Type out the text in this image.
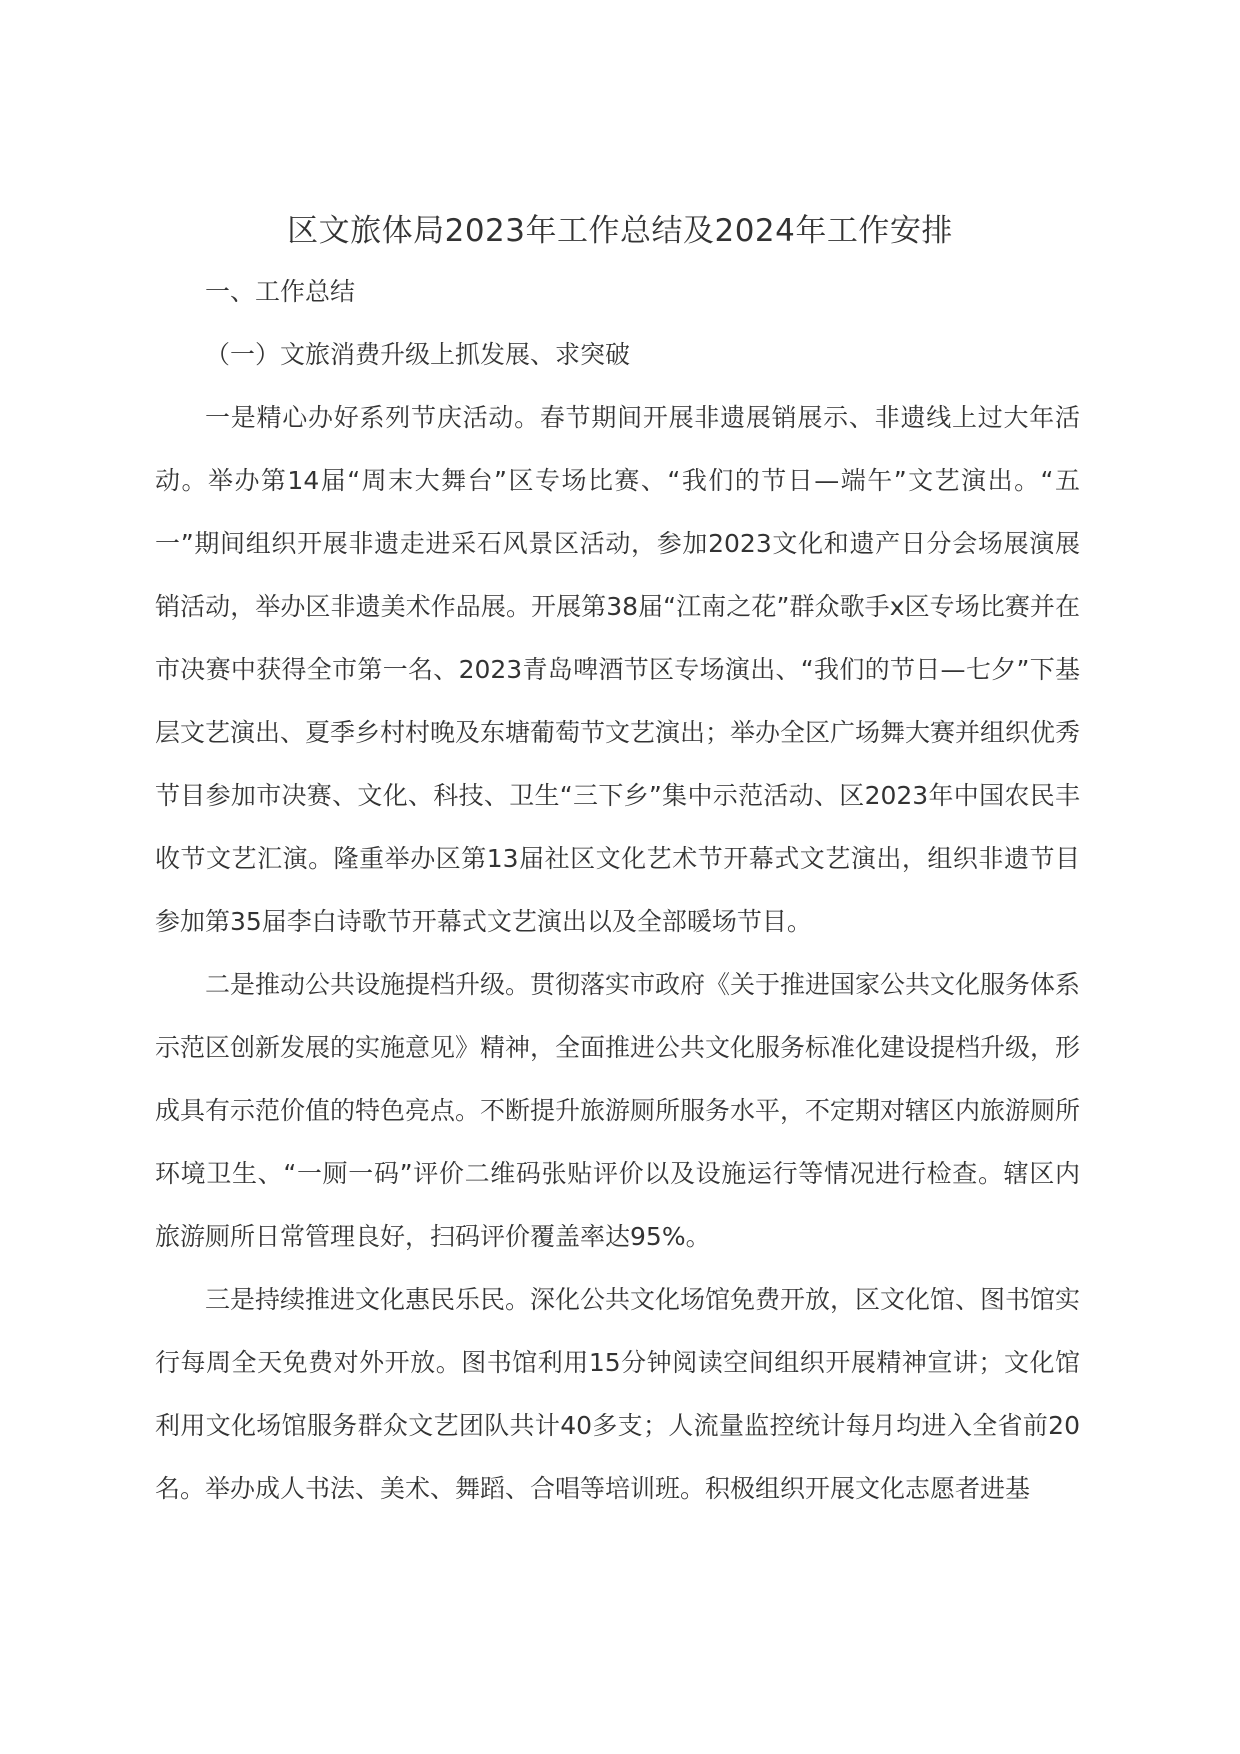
区文旅体局2023年工作总结及2024年工作安排

一、工作总结

（一）文旅消费升级上抓发展、求突破

一是精心办好系列节庆活动。春节期间开展非遗展销展示、非遗线上过大年活动。举办第14届“周末大舞台”区专场比赛、“我们的节日—端午”文艺演出。“五一”期间组织开展非遗走进采石风景区活动，参加2023文化和遗产日分会场展演展销活动，举办区非遗美术作品展。开展第38届“江南之花”群众歌手x区专场比赛并在市决赛中获得全市第一名、2023青岛啤酒节区专场演出、“我们的节日—七夕”下基层文艺演出、夏季乡村村晚及东塘葡萄节文艺演出；举办全区广场舞大赛并组织优秀节目参加市决赛、文化、科技、卫生“三下乡”集中示范活动、区2023年中国农民丰收节文艺汇演。隆重举办区第13届社区文化艺术节开幕式文艺演出，组织非遗节目参加第35届李白诗歌节开幕式文艺演出以及全部暖场节目。

二是推动公共设施提档升级。贯彻落实市政府《关于推进国家公共文化服务体系示范区创新发展的实施意见》精神，全面推进公共文化服务标准化建设提档升级，形成具有示范价值的特色亮点。不断提升旅游厕所服务水平，不定期对辖区内旅游厕所环境卫生、“一厕一码”评价二维码张贴评价以及设施运行等情况进行检查。辖区内旅游厕所日常管理良好，扫码评价覆盖率达95%。

三是持续推进文化惠民乐民。深化公共文化场馆免费开放，区文化馆、图书馆实行每周全天免费对外开放。图书馆利用15分钟阅读空间组织开展精神宣讲；文化馆利用文化场馆服务群众文艺团队共计40多支；人流量监控统计每月均进入全省前20名。举办成人书法、美术、舞蹈、合唱等培训班。积极组织开展文化志愿者进基
